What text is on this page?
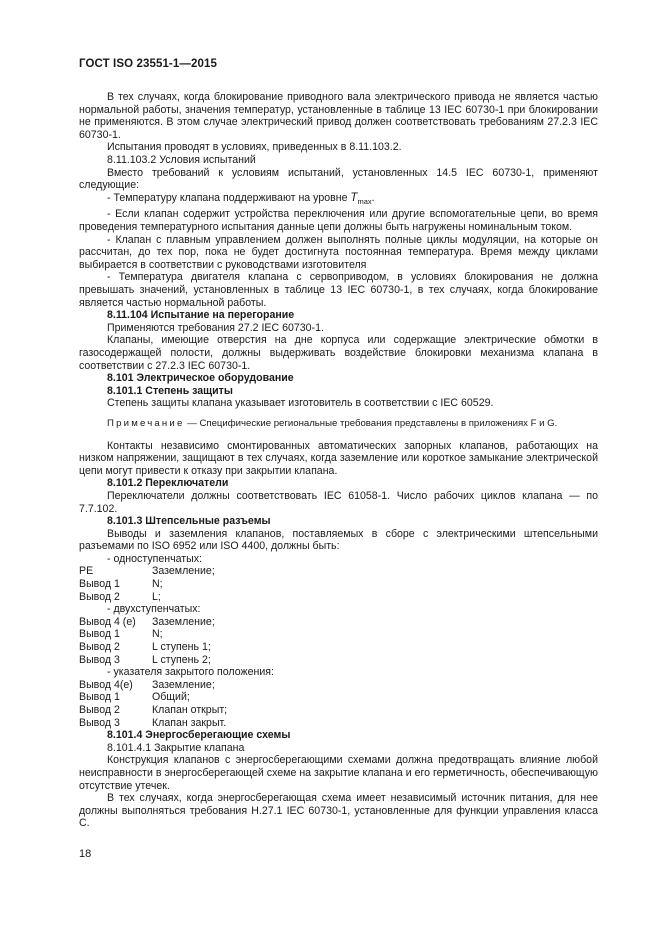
ГОСТ ISO 23551-1—2015

В тех случаях, когда блокирование приводного вала электрического привода не является частью нормальной работы, значения температур, установленные в таблице 13 IEC 60730-1 при блокировании не применяются. В этом случае электрический привод должен соответствовать требованиям 27.2.3 IEC 60730-1.

Испытания проводят в условиях, приведенных в 8.11.103.2.

8.11.103.2 Условия испытаний

Вместо требований к условиям испытаний, установленных 14.5 IEC 60730-1, применяют следующие:

- Температуру клапана поддерживают на уровне $T_{max}$.

- Если клапан содержит устройства переключения или другие вспомогательные цепи, во время проведения температурного испытания данные цепи должны быть нагружены номинальным током.

- Клапан с плавным управлением должен выполнять полные циклы модуляции, на которые он рассчитан, до тех пор, пока не будет достигнута постоянная температура. Время между циклами выбирается в соответствии с руководствами изготовителя

- Температура двигателя клапана с сервоприводом, в условиях блокирования не должна превышать значений, установленных в таблице 13 IEC 60730-1, в тех случаях, когда блокирование является частью нормальной работы.

8.11.104 Испытание на перегорание

Применяются требования 27.2 IEC 60730-1.

Клапаны, имеющие отверстия на дне корпуса или содержащие электрические обмотки в газосодержащей полости, должны выдерживать воздействие блокировки механизма клапана в соответствии с 27.2.3 IEC 60730-1.

8.101 Электрическое оборудование

8.101.1 Степень защиты

Степень защиты клапана указывает изготовитель в соответствии с IEC 60529.

Примечание — Специфические региональные требования представлены в приложениях F и G.

Контакты независимо смонтированных автоматических запорных клапанов, работающих на низком напряжении, защищают в тех случаях, когда заземление или короткое замыкание электрической цепи могут привести к отказу при закрытии клапана.

8.101.2 Переключатели

Переключатели должны соответствовать IEC 61058-1. Число рабочих циклов клапана — по 7.7.102.

8.101.3 Штепсельные разъемы

Выводы и заземления клапанов, поставляемых в сборе с электрическими штепсельными разъемами по ISO 6952 или ISO 4400, должны быть:

- одноступенчатых:

PE	Заземление;
Вывод 1	N;
Вывод 2	L;

- двухступенчатых:

Вывод 4 (е)	Заземление;
Вывод 1	N;
Вывод 2	L ступень 1;
Вывод 3	L ступень 2;

- указателя закрытого положения:

Вывод 4(е)	Заземление;
Вывод 1	Общий;
Вывод 2	Клапан открыт;
Вывод 3	Клапан закрыт.

8.101.4 Энергосберегающие схемы

8.101.4.1 Закрытие клапана

Конструкция клапанов с энергосберегающими схемами должна предотвращать влияние любой неисправности в энергосберегающей схеме на закрытие клапана и его герметичность, обеспечивающую отсутствие утечек.

В тех случаях, когда энергосберегающая схема имеет независимый источник питания, для нее должны выполняться требования Н.27.1 IEC 60730-1, установленные для функции управления класса С.

18
